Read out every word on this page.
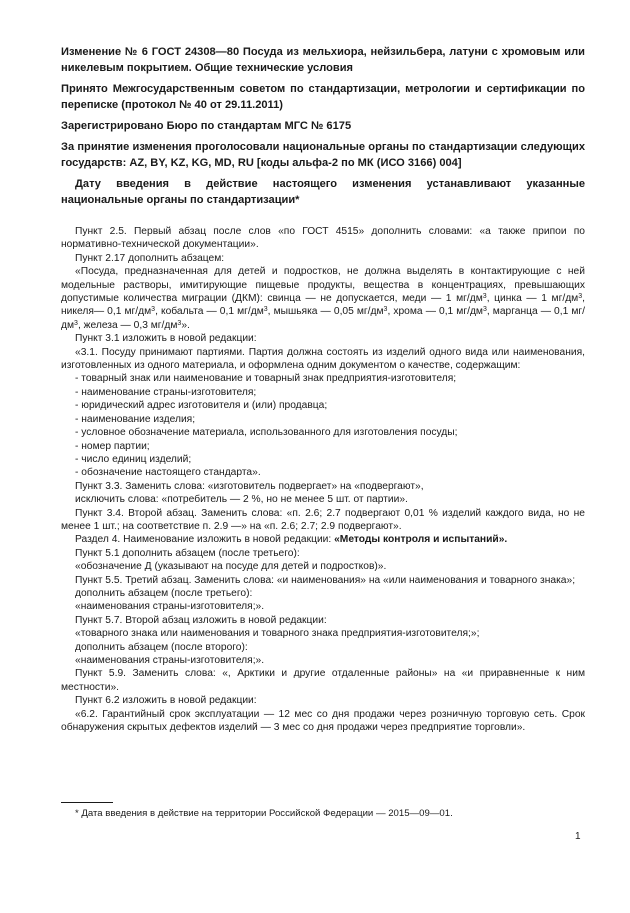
Изменение № 6 ГОСТ 24308—80 Посуда из мельхиора, нейзильбера, латуни с хромовым или никелевым покрытием. Общие технические условия

Принято Межгосударственным советом по стандартизации, метрологии и сертификации по переписке (протокол № 40 от 29.11.2011)

Зарегистрировано Бюро по стандартам МГС № 6175

За принятие изменения проголосовали национальные органы по стандартизации следующих государств: AZ, BY, KZ, KG, MD, RU [коды альфа-2 по МК (ИСО 3166) 004]

Дату введения в действие настоящего изменения устанавливают указанные национальные органы по стандартизации*

Пункт 2.5. Первый абзац после слов «по ГОСТ 4515» дополнить словами: «а также припои по нормативно-технической документации».

Пункт 2.17 дополнить абзацем:

«Посуда, предназначенная для детей и подростков, не должна выделять в контактирующие с ней модельные растворы, имитирующие пищевые продукты, вещества в концентрациях, превышающих допустимые количества миграции (ДКМ): свинца — не допускается, меди — 1 $мг/дм^3$, цинка — 1 $мг/дм^3$, никеля— 0,1 $мг/дм^3$, кобальта — 0,1 $мг/дм^3$, мышьяка — 0,05 $мг/дм^3$, хрома — 0,1 $мг/дм^3$, марганца — 0,1 $мг/дм^3$, железа — 0,3 $мг/дм^3$».

Пункт 3.1 изложить в новой редакции:

«3.1. Посуду принимают партиями. Партия должна состоять из изделий одного вида или наименования, изготовленных из одного материала, и оформлена одним документом о качестве, содержащим:

- товарный знак или наименование и товарный знак предприятия-изготовителя;

- наименование страны-изготовителя;

- юридический адрес изготовителя и (или) продавца;

- наименование изделия;

- условное обозначение материала, использованного для изготовления посуды;

- номер партии;

- число единиц изделий;

- обозначение настоящего стандарта».

Пункт 3.3. Заменить слова: «изготовитель подвергает» на «подвергают»,

исключить слова: «потребитель — 2 %, но не менее 5 шт. от партии».

Пункт 3.4. Второй абзац. Заменить слова: «п. 2.6; 2.7 подвергают 0,01 % изделий каждого вида, но не менее 1 шт.; на соответствие п. 2.9 —» на «п. 2.6; 2.7; 2.9 подвергают».

Раздел 4. Наименование изложить в новой редакции: «Методы контроля и испытаний».

Пункт 5.1 дополнить абзацем (после третьего):

«обозначение Д (указывают на посуде для детей и подростков)».

Пункт 5.5. Третий абзац. Заменить слова: «и наименования» на «или наименования и товарного знака»;

дополнить абзацем (после третьего):

«наименования страны-изготовителя;».

Пункт 5.7. Второй абзац изложить в новой редакции:

«товарного знака или наименования и товарного знака предприятия-изготовителя;»;

дополнить абзацем (после второго):

«наименования страны-изготовителя;».

Пункт 5.9. Заменить слова: «, Арктики и другие отдаленные районы» на «и приравненные к ним местности».

Пункт 6.2 изложить в новой редакции:

«6.2. Гарантийный срок эксплуатации — 12 мес со дня продажи через розничную торговую сеть. Срок обнаружения скрытых дефектов изделий — 3 мес со дня продажи через предприятие торговли».

* Дата введения в действие на территории Российской Федерации — 2015—09—01.
1
